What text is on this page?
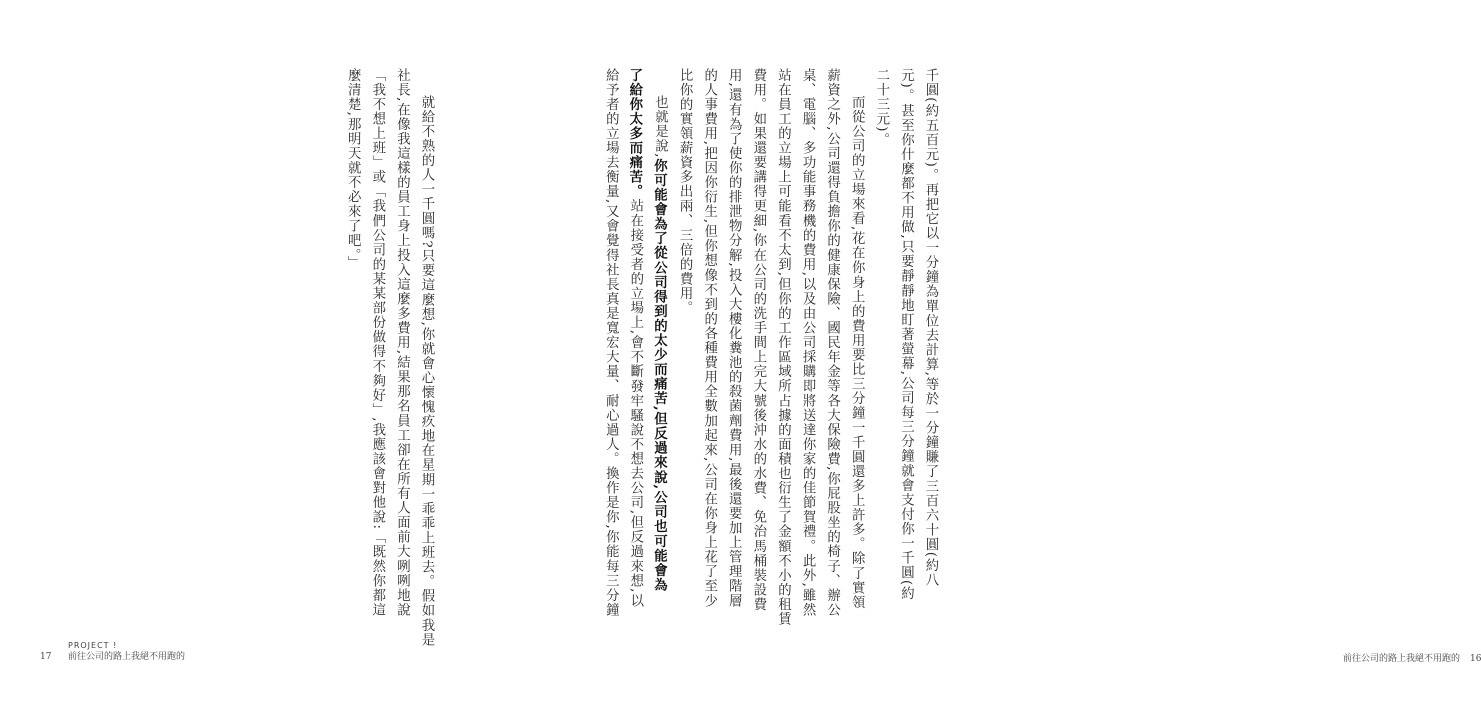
千圓(約五百元)。再把它以一分鐘為單位去計算,等於一分鐘賺了三百六十圓(約八

元)。甚至你什麼都不用做,只要靜靜地盯著螢幕,公司每三分鐘就會支付你一千圓(約

二十三元)。

而從公司的立場來看,花在你身上的費用要比三分鐘一千圓還多上許多。除了實領

薪資之外,公司還得負擔你的健康保險、國民年金等各大保險費,你屁股坐的椅子、辦公

桌、電腦、多功能事務機的費用,以及由公司採購即將送達你家的佳節賀禮。此外,雖然

站在員工的立場上可能看不太到,但你的工作區域所占據的面積也衍生了金額不小的租賃

費用。如果還要講得更細,你在公司的洗手間上完大號後沖水的水費、免治馬桶裝設費

用,還有為了使你的排泄物分解,投入大樓化糞池的殺菌劑費用,最後還要加上管理階層

的人事費用,把因你衍生,但你想像不到的各種費用全數加起來,公司在你身上花了至少

比你的實領薪資多出兩、三倍的費用。

也就是說,你可能會為了從公司得到的太少而痛苦,但反過來說,公司也可能會為

了給你太多而痛苦。站在接受者的立場上,會不斷發牢騷說不想去公司,但反過來想,以

給予者的立場去衡量,又會覺得社長真是寬宏大量、耐心過人。換作是你,你能每三分鐘

前往公司的路上我絕不用跑的 16

就給不熟的人一千圓嗎?只要這麼想,你就會心懷愧疚地在星期一乖乖上班去。假如我是

社長,在像我這樣的員工身上投入這麼多費用,結果那名員工卻在所有人面前大咧咧地說

「我不想上班」或「我們公司的某某部份做得不夠好」,我應該會對他說:「既然你都這

麼清楚,那明天就不必來了吧。」

17
PROJECT !
前往公司的路上我絕不用跑的
